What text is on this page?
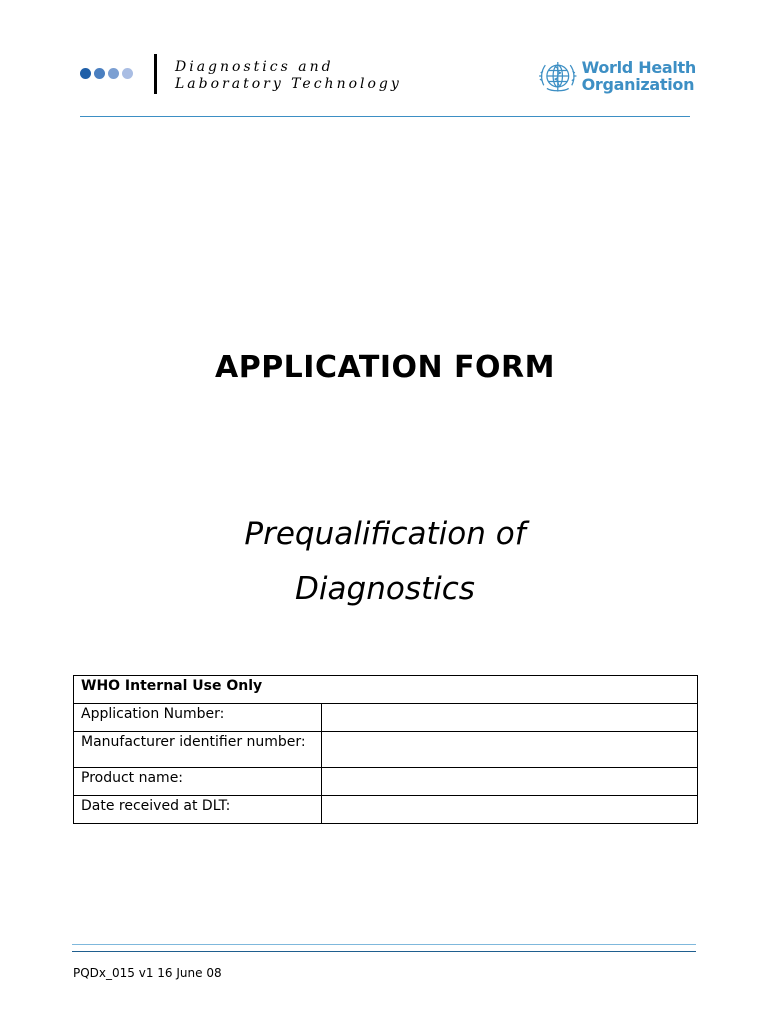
Diagnostics and
Laboratory Technology
World Health
Organization
APPLICATION FORM
Prequalification of
Diagnostics
WHO Internal Use Only	
Application Number:	
Manufacturer identifier number:	
Product name:	
Date received at DLT:	
PQDx_015 v1 16 June 08
